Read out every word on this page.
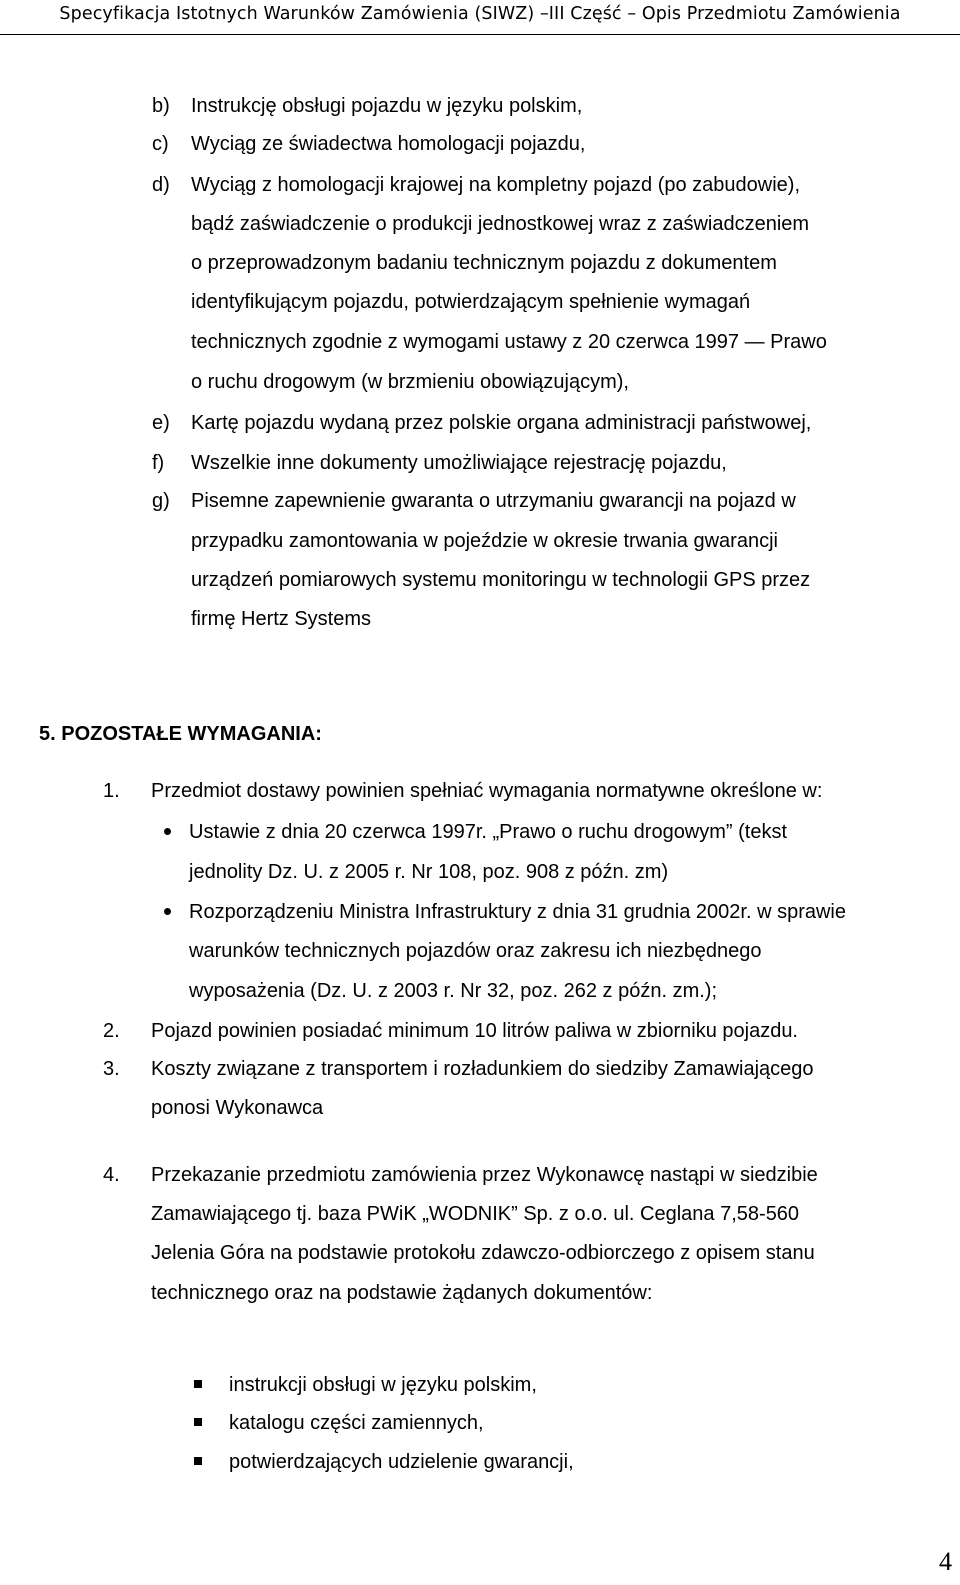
Specyfikacja Istotnych Warunków Zamówienia (SIWZ) –III Część – Opis Przedmiotu Zamówienia
b) Instrukcję obsługi pojazdu w języku polskim,
c) Wyciąg ze świadectwa homologacji pojazdu,
d) Wyciąg z homologacji krajowej na kompletny pojazd (po zabudowie),
bądź zaświadczenie o produkcji jednostkowej wraz z zaświadczeniem
o przeprowadzonym badaniu technicznym pojazdu z dokumentem
identyfikującym pojazdu, potwierdzającym spełnienie wymagań
technicznych zgodnie z wymogami ustawy z 20 czerwca 1997 — Prawo
o ruchu drogowym (w brzmieniu obowiązującym),
e) Kartę pojazdu wydaną przez polskie organa administracji państwowej,
f) Wszelkie inne dokumenty umożliwiające rejestrację pojazdu,
g) Pisemne zapewnienie gwaranta o utrzymaniu gwarancji na pojazd w
przypadku zamontowania w pojeździe w okresie trwania gwarancji
urządzeń pomiarowych systemu monitoringu w technologii GPS przez
firmę Hertz Systems
5. POZOSTAŁE WYMAGANIA:
1. Przedmiot dostawy powinien spełniać wymagania normatywne określone w:
Ustawie z dnia 20 czerwca 1997r. „Prawo o ruchu drogowym” (tekst
jednolity Dz. U. z 2005 r. Nr 108, poz. 908 z późn. zm)
Rozporządzeniu Ministra Infrastruktury z dnia 31 grudnia 2002r. w sprawie
warunków technicznych pojazdów oraz zakresu ich niezbędnego
wyposażenia (Dz. U. z 2003 r. Nr 32, poz. 262 z późn. zm.);
2. Pojazd powinien posiadać minimum 10 litrów paliwa w zbiorniku pojazdu.
3. Koszty związane z transportem i rozładunkiem do siedziby Zamawiającego
ponosi Wykonawca
4. Przekazanie przedmiotu zamówienia przez Wykonawcę nastąpi w siedzibie
Zamawiającego tj. baza PWiK „WODNIK” Sp. z o.o. ul. Ceglana 7,58-560
Jelenia Góra na podstawie protokołu zdawczo-odbiorczego z opisem stanu
technicznego oraz na podstawie żądanych dokumentów:
instrukcji obsługi w języku polskim,
katalogu części zamiennych,
potwierdzających udzielenie gwarancji,
4
